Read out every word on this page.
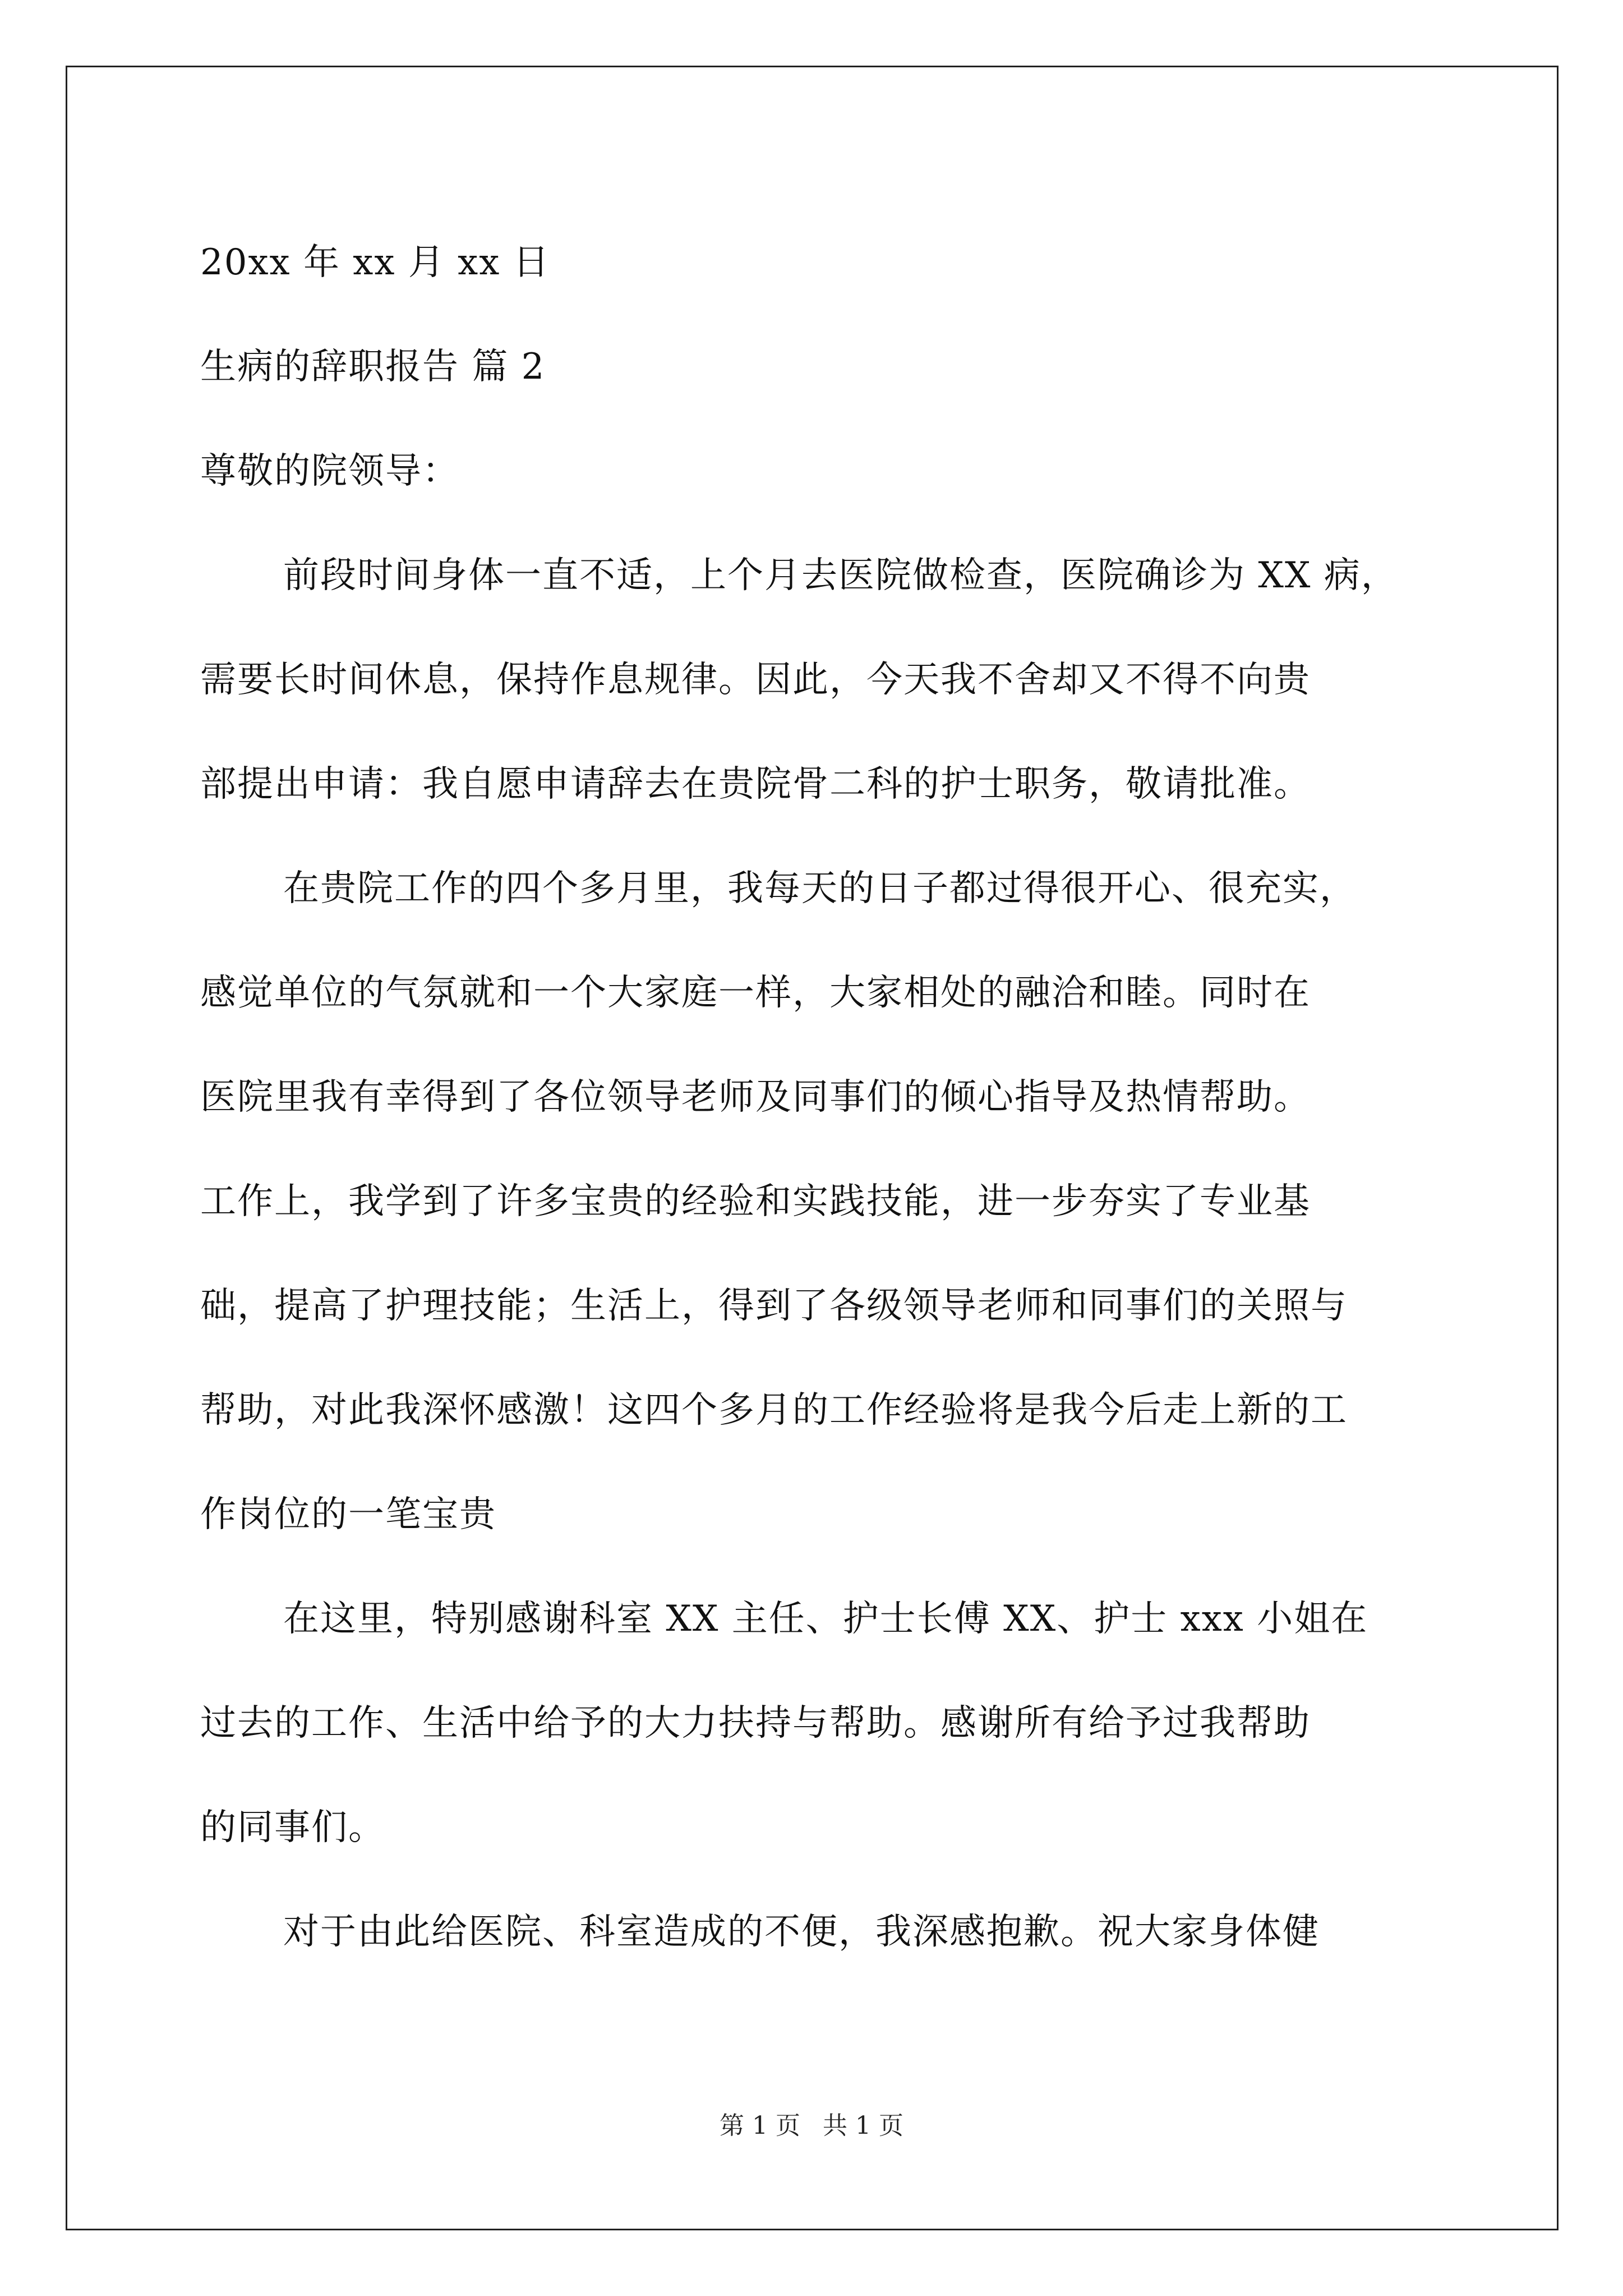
20xx 年 xx 月 xx 日
生病的辞职报告 篇 2
尊敬的院领导：
前段时间身体一直不适，上个月去医院做检查，医院确诊为 XX 病，
需要长时间休息，保持作息规律。因此，今天我不舍却又不得不向贵
部提出申请：我自愿申请辞去在贵院骨二科的护士职务，敬请批准。
在贵院工作的四个多月里，我每天的日子都过得很开心、很充实，
感觉单位的气氛就和一个大家庭一样，大家相处的融洽和睦。同时在
医院里我有幸得到了各位领导老师及同事们的倾心指导及热情帮助。
工作上，我学到了许多宝贵的经验和实践技能，进一步夯实了专业基
础，提高了护理技能；生活上，得到了各级领导老师和同事们的关照与
帮助，对此我深怀感激！这四个多月的工作经验将是我今后走上新的工
作岗位的一笔宝贵
在这里，特别感谢科室 XX 主任、护士长傅 XX、护士 xxx 小姐在
过去的工作、生活中给予的大力扶持与帮助。感谢所有给予过我帮助
的同事们。
对于由此给医院、科室造成的不便，我深感抱歉。祝大家身体健
第 1 页 共 1 页
